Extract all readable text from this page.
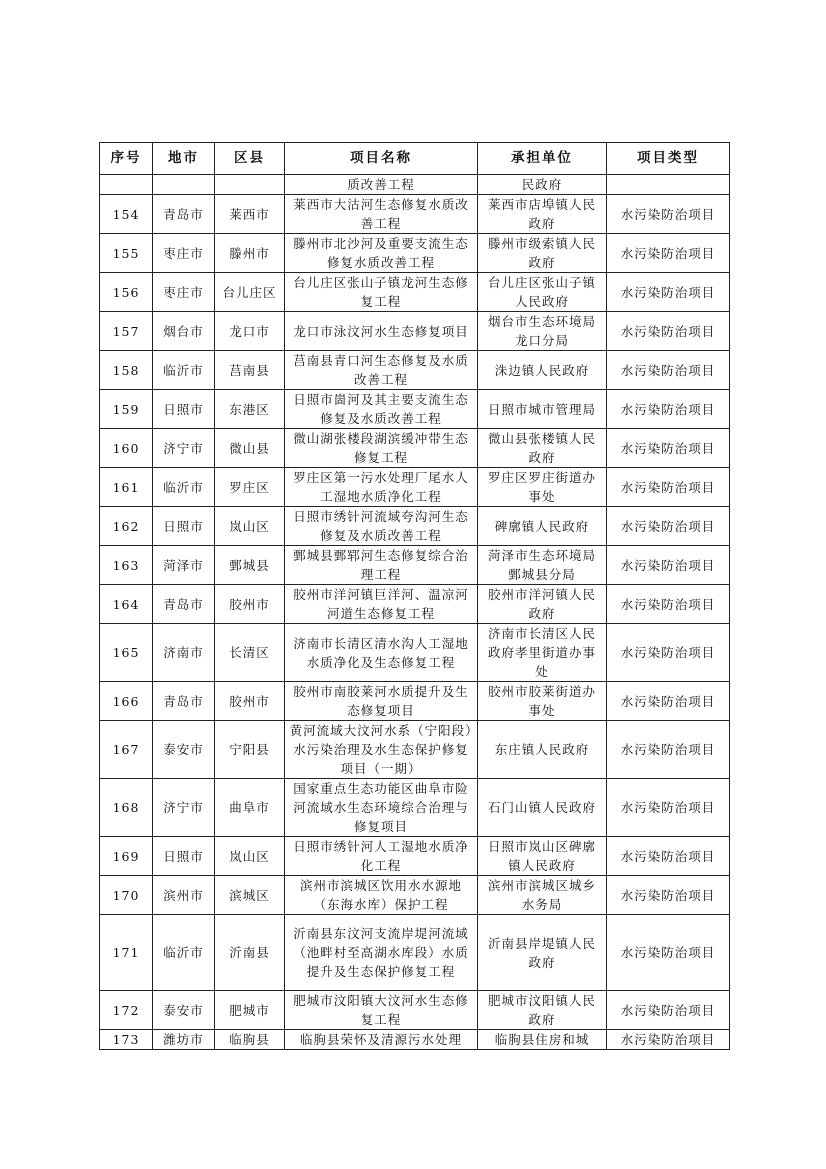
序号	地市	区县	项目名称	承担单位	项目类型
			质改善工程	民政府	
154	青岛市	莱西市	莱西市大沽河生态修复水质改善工程	莱西市店埠镇人民政府	水污染防治项目
155	枣庄市	滕州市	滕州市北沙河及重要支流生态修复水质改善工程	滕州市级索镇人民政府	水污染防治项目
156	枣庄市	台儿庄区	台儿庄区张山子镇龙河生态修复工程	台儿庄区张山子镇人民政府	水污染防治项目
157	烟台市	龙口市	龙口市泳汶河水生态修复项目	烟台市生态环境局龙口分局	水污染防治项目
158	临沂市	莒南县	莒南县青口河生态修复及水质改善工程	洙边镇人民政府	水污染防治项目
159	日照市	东港区	日照市崮河及其主要支流生态修复及水质改善工程	日照市城市管理局	水污染防治项目
160	济宁市	微山县	微山湖张楼段湖滨缓冲带生态修复工程	微山县张楼镇人民政府	水污染防治项目
161	临沂市	罗庄区	罗庄区第一污水处理厂尾水人工湿地水质净化工程	罗庄区罗庄街道办事处	水污染防治项目
162	日照市	岚山区	日照市绣针河流域夸沟河生态修复及水质改善工程	碑廓镇人民政府	水污染防治项目
163	菏泽市	鄄城县	鄄城县鄄郓河生态修复综合治理工程	菏泽市生态环境局鄄城县分局	水污染防治项目
164	青岛市	胶州市	胶州市洋河镇巨洋河、温凉河河道生态修复工程	胶州市洋河镇人民政府	水污染防治项目
165	济南市	长清区	济南市长清区清水沟人工湿地水质净化及生态修复工程	济南市长清区人民政府孝里街道办事处	水污染防治项目
166	青岛市	胶州市	胶州市南胶莱河水质提升及生态修复项目	胶州市胶莱街道办事处	水污染防治项目
167	泰安市	宁阳县	黄河流域大汶河水系（宁阳段）水污染治理及水生态保护修复项目（一期）	东庄镇人民政府	水污染防治项目
168	济宁市	曲阜市	国家重点生态功能区曲阜市险河流域水生态环境综合治理与修复项目	石门山镇人民政府	水污染防治项目
169	日照市	岚山区	日照市绣针河人工湿地水质净化工程	日照市岚山区碑廓镇人民政府	水污染防治项目
170	滨州市	滨城区	滨州市滨城区饮用水水源地（东海水库）保护工程	滨州市滨城区城乡水务局	水污染防治项目
171	临沂市	沂南县	沂南县东汶河支流岸堤河流域（池畔村至高湖水库段）水质提升及生态保护修复工程	沂南县岸堤镇人民政府	水污染防治项目
172	泰安市	肥城市	肥城市汶阳镇大汶河水生态修复工程	肥城市汶阳镇人民政府	水污染防治项目
173	潍坊市	临朐县	临朐县荣怀及清源污水处理	临朐县住房和城	水污染防治项目
